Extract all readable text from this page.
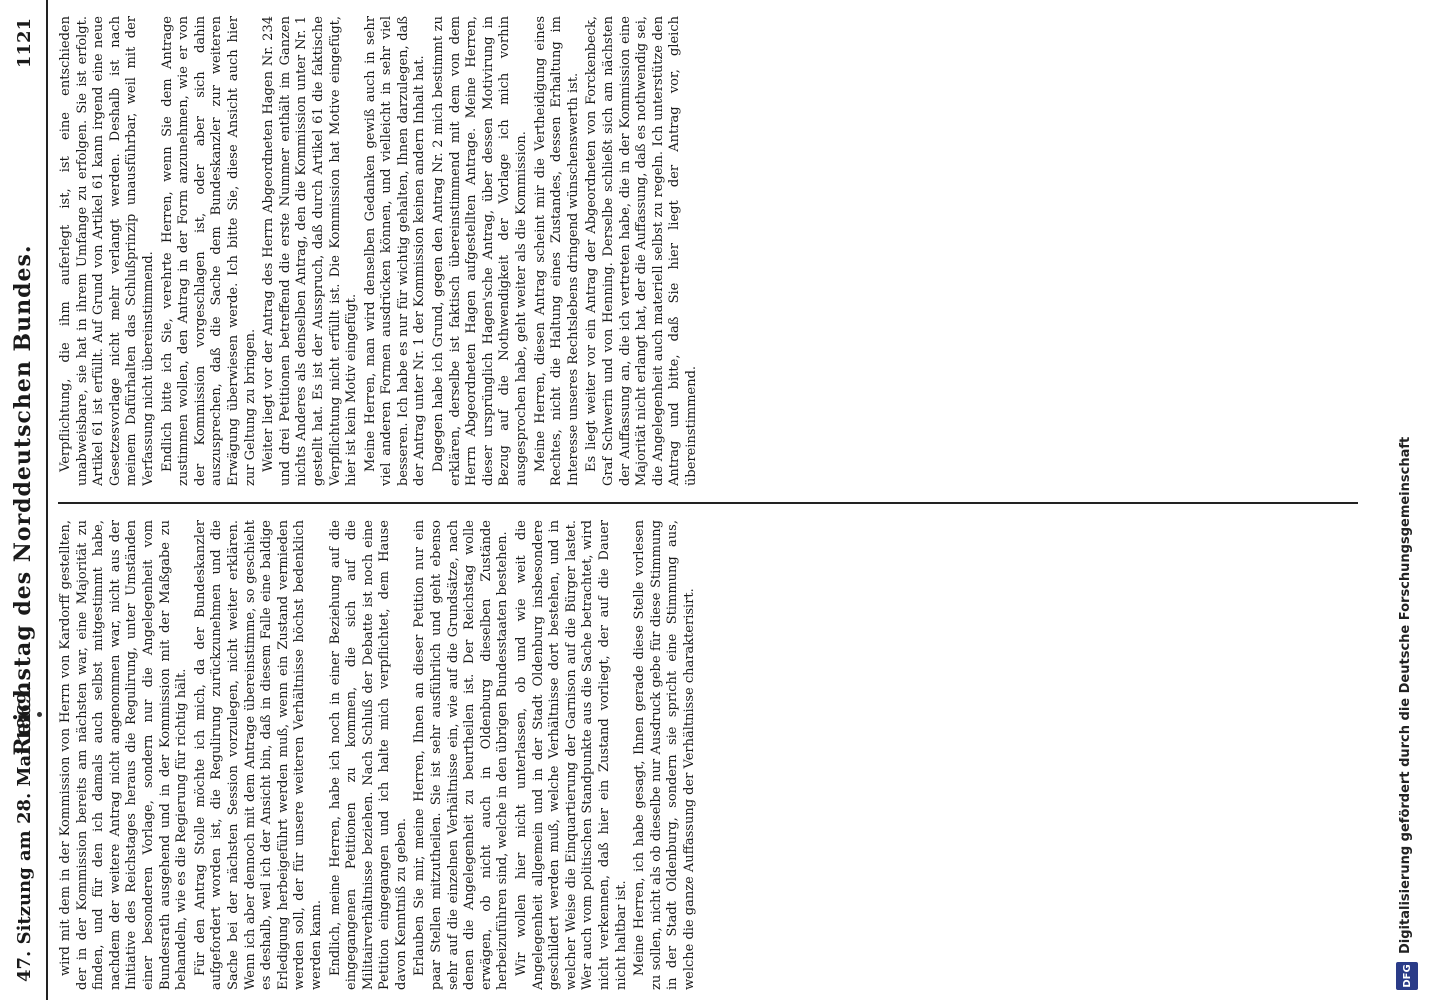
47. Sitzung am 28. Mai 1869.
Reichstag des Norddeutschen Bundes.
1121

wird mit dem in der Kommission von Herrn von Kardorff gestellten, der in der Kommission bereits am nächsten war, eine Majorität zu finden, und für den ich damals auch selbst mitgestimmt habe, nachdem der weitere Antrag nicht angenommen war, nicht aus der Initiative des Reichstages heraus die Regulirung, unter Umständen einer besonderen Vorlage, sondern nur die Angelegenheit vom Bundesrath ausgehend und in der Kommission mit der Maßgabe zu behandeln, wie es die Regierung für richtig hält. Für den Antrag Stolle möchte ich mich, da der Bundeskanzler aufgefordert worden ist, die Regulirung zurückzunehmen und die Sache bei der nächsten Session vorzulegen, nicht weiter erklären. Wenn ich aber dennoch mit dem Antrage übereinstimme, so geschieht es deshalb, weil ich der Ansicht bin, daß in diesem Falle eine baldige Erledigung herbeigeführt werden muß, wenn ein Zustand vermieden werden soll, der für unsere weiteren Verhältnisse höchst bedenklich werden kann. Endlich, meine Herren, habe ich noch in einer Beziehung auf die eingegangenen Petitionen zu kommen, die sich auf die Militairverhältnisse beziehen. Nach Schluß der Debatte ist noch eine Petition eingegangen und ich halte mich verpflichtet, dem Hause davon Kenntniß zu geben. Erlauben Sie mir, meine Herren, Ihnen an dieser Petition nur ein paar Stellen mitzutheilen. Sie ist sehr ausführlich und geht ebenso sehr auf die einzelnen Verhältnisse ein, wie auf die Grundsätze, nach denen die Angelegenheit zu beurtheilen ist. Der Reichstag wolle erwägen, ob nicht auch in Oldenburg dieselben Zustände herbeizuführen sind, welche in den übrigen Bundesstaaten bestehen. Wir wollen hier nicht unterlassen, ob und wie weit die Angelegenheit allgemein und in der Stadt Oldenburg insbesondere geschildert werden muß, welche Verhältnisse dort bestehen, und in welcher Weise die Einquartierung der Garnison auf die Bürger lastet. Wer auch vom politischen Standpunkte aus die Sache betrachtet, wird nicht verkennen, daß hier ein Zustand vorliegt, der auf die Dauer nicht haltbar ist. Meine Herren, ich habe gesagt, Ihnen gerade diese Stelle vorlesen zu sollen, nicht als ob dieselbe nur Ausdruck gebe für diese Stimmung in der Stadt Oldenburg, sondern sie spricht eine Stimmung aus, welche die ganze Auffassung der Verhältnisse charakterisirt.

Verpflichtung, die ihm auferlegt ist, ist eine entschieden unabweisbare, sie hat in ihrem Umfange zu erfolgen. Sie ist erfolgt. Artikel 61 ist erfüllt. Auf Grund von Artikel 61 kann irgend eine neue Gesetzesvorlage nicht mehr verlangt werden. Deshalb ist nach meinem Dafürhalten das Schlußprinzip unausführbar, weil mit der Verfassung nicht übereinstimmend. Endlich bitte ich Sie, verehrte Herren, wenn Sie dem Antrage zustimmen wollen, den Antrag in der Form anzunehmen, wie er von der Kommission vorgeschlagen ist, oder aber sich dahin auszusprechen, daß die Sache dem Bundeskanzler zur weiteren Erwägung überwiesen werde. Ich bitte Sie, diese Ansicht auch hier zur Geltung zu bringen. Weiter liegt vor der Antrag des Herrn Abgeordneten Hagen Nr. 234 und drei Petitionen betreffend die erste Nummer enthält im Ganzen nichts Anderes als denselben Antrag, den die Kommission unter Nr. 1 gestellt hat. Es ist der Ausspruch, daß durch Artikel 61 die faktische Verpflichtung nicht erfüllt ist. Die Kommission hat Motive eingefügt, hier ist kein Motiv eingefügt. Meine Herren, man wird denselben Gedanken gewiß auch in sehr viel anderen Formen ausdrücken können, und vielleicht in sehr viel besseren. Ich habe es nur für wichtig gehalten, Ihnen darzulegen, daß der Antrag unter Nr. 1 der Kommission keinen andern Inhalt hat. Dagegen habe ich Grund, gegen den Antrag Nr. 2 mich bestimmt zu erklären, derselbe ist faktisch übereinstimmend mit dem von dem Herrn Abgeordneten Hagen aufgestellten Antrage. Meine Herren, dieser ursprünglich Hagen'sche Antrag, über dessen Motivirung in Bezug auf die Nothwendigkeit der Vorlage ich mich vorhin ausgesprochen habe, geht weiter als die Kommission. Meine Herren, diesen Antrag scheint mir die Vertheidigung eines Rechtes, nicht die Haltung eines Zustandes, dessen Erhaltung im Interesse unseres Rechtslebens dringend wünschenswerth ist. Es liegt weiter vor ein Antrag der Abgeordneten von Forckenbeck, Graf Schwerin und von Henning. Derselbe schließt sich am nächsten der Auffassung an, die ich vertreten habe, die in der Kommission eine Majorität nicht erlangt hat, der die Auffassung, daß es nothwendig sei, die Angelegenheit auch materiell selbst zu regeln. Ich unterstütze den Antrag und bitte, daß Sie hier liegt der Antrag vor, gleich übereinstimmend.

DFG
Digitalisierung gefördert durch die Deutsche Forschungsgemeinschaft
